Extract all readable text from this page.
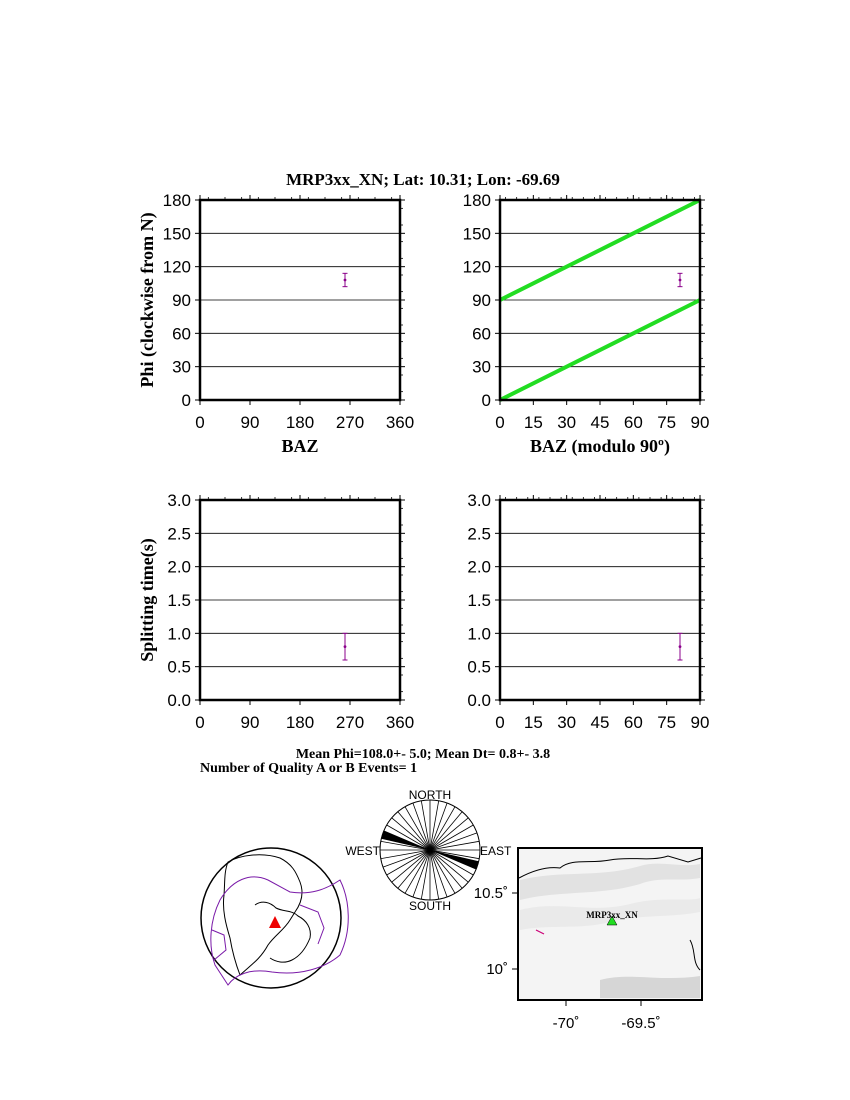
MRP3xx_XN; Lat: 10.31; Lon: -69.69
0
30
60
90
120
150
180
0 90 180 270 360
BAZ
0
30
60
90
120
150
180
0 15 30 45 60 75 90
BAZ (modulo 90º)
0.0
0.5
1.0
1.5
2.0
2.5
3.0
0 90 180 270 360
0.0
0.5
1.0
1.5
2.0
2.5
3.0
0 15 30 45 60 75 90
Phi (clockwise from N)
Splitting time(s)
Mean Phi=108.0+- 5.0; Mean Dt= 0.8+- 3.8
Number of Quality A or B Events= 1
NORTH
SOUTH
EAST
WEST
MRP3xx_XN
10.5˚
10˚
-70˚	-69.5˚
